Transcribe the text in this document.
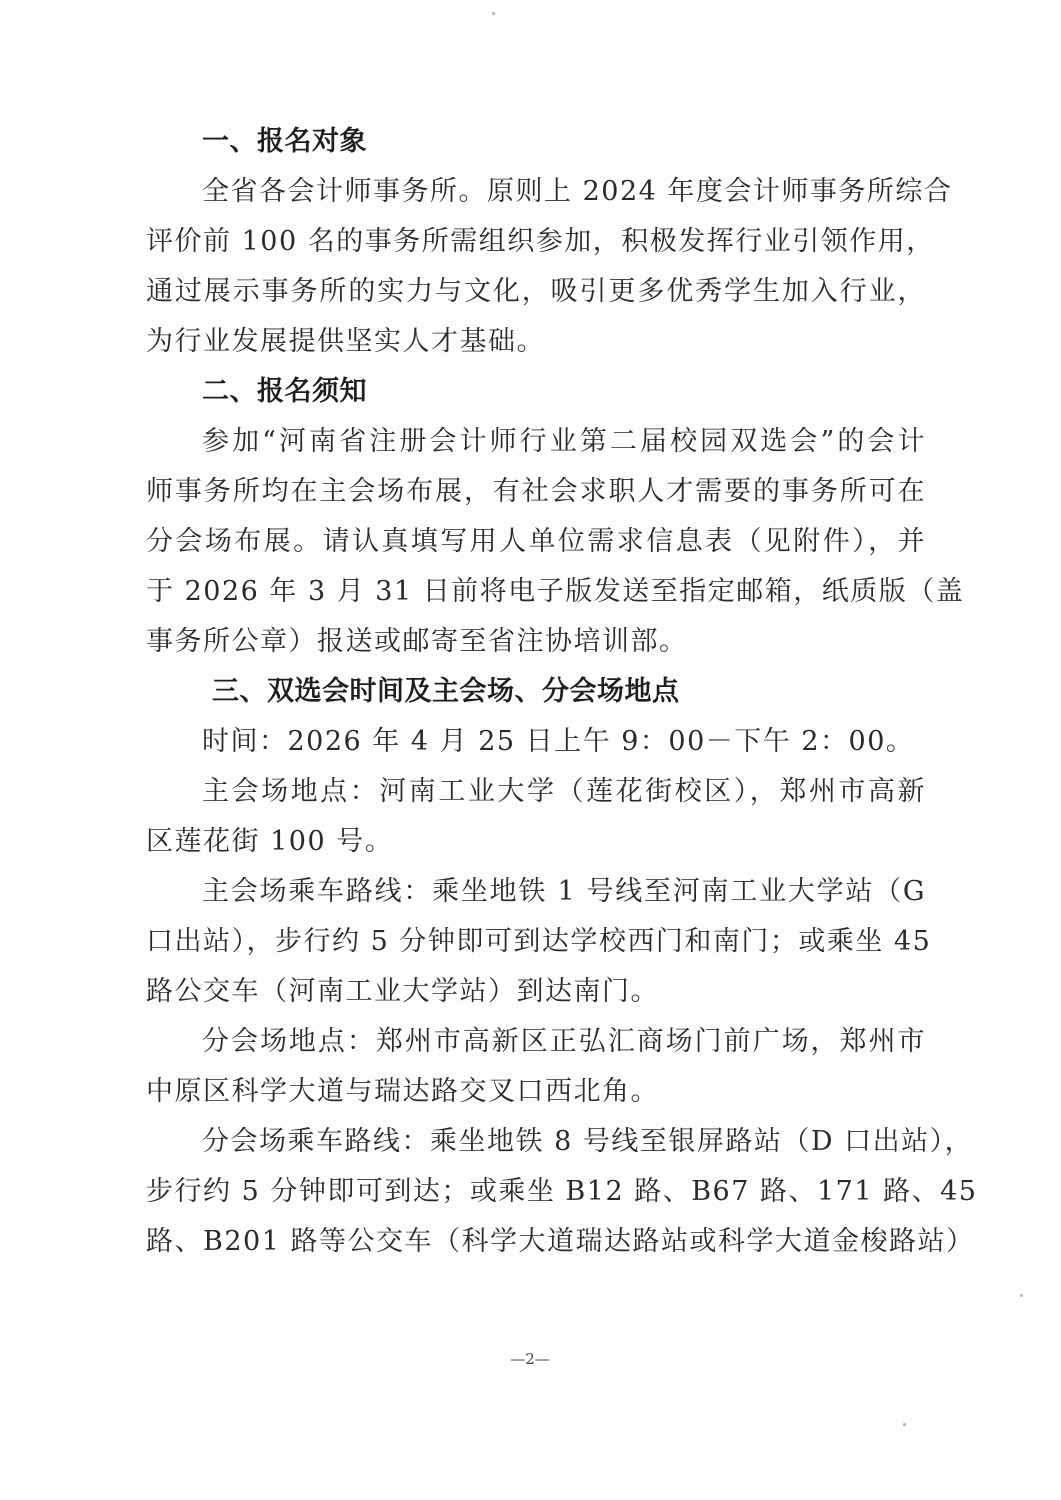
一、报名对象
全省各会计师事务所。原则上 2024 年度会计师事务所综合
评价前 100 名的事务所需组织参加，积极发挥行业引领作用，
通过展示事务所的实力与文化，吸引更多优秀学生加入行业，
为行业发展提供坚实人才基础。
二、报名须知
参加“河南省注册会计师行业第二届校园双选会”的会计
师事务所均在主会场布展，有社会求职人才需要的事务所可在
分会场布展。请认真填写用人单位需求信息表（见附件），并
于 2026 年 3 月 31 日前将电子版发送至指定邮箱，纸质版（盖
事务所公章）报送或邮寄至省注协培训部。
三、双选会时间及主会场、分会场地点
时间：2026 年 4 月 25 日上午 9：00－下午 2：00。
主会场地点：河南工业大学（莲花街校区），郑州市高新
区莲花街 100 号。
主会场乘车路线：乘坐地铁 1 号线至河南工业大学站（G
口出站），步行约 5 分钟即可到达学校西门和南门；或乘坐 45
路公交车（河南工业大学站）到达南门。
分会场地点：郑州市高新区正弘汇商场门前广场，郑州市
中原区科学大道与瑞达路交叉口西北角。
分会场乘车路线：乘坐地铁 8 号线至银屏路站（D 口出站），
步行约 5 分钟即可到达；或乘坐 B12 路、B67 路、171 路、45
路、B201 路等公交车（科学大道瑞达路站或科学大道金梭路站）
—2—
